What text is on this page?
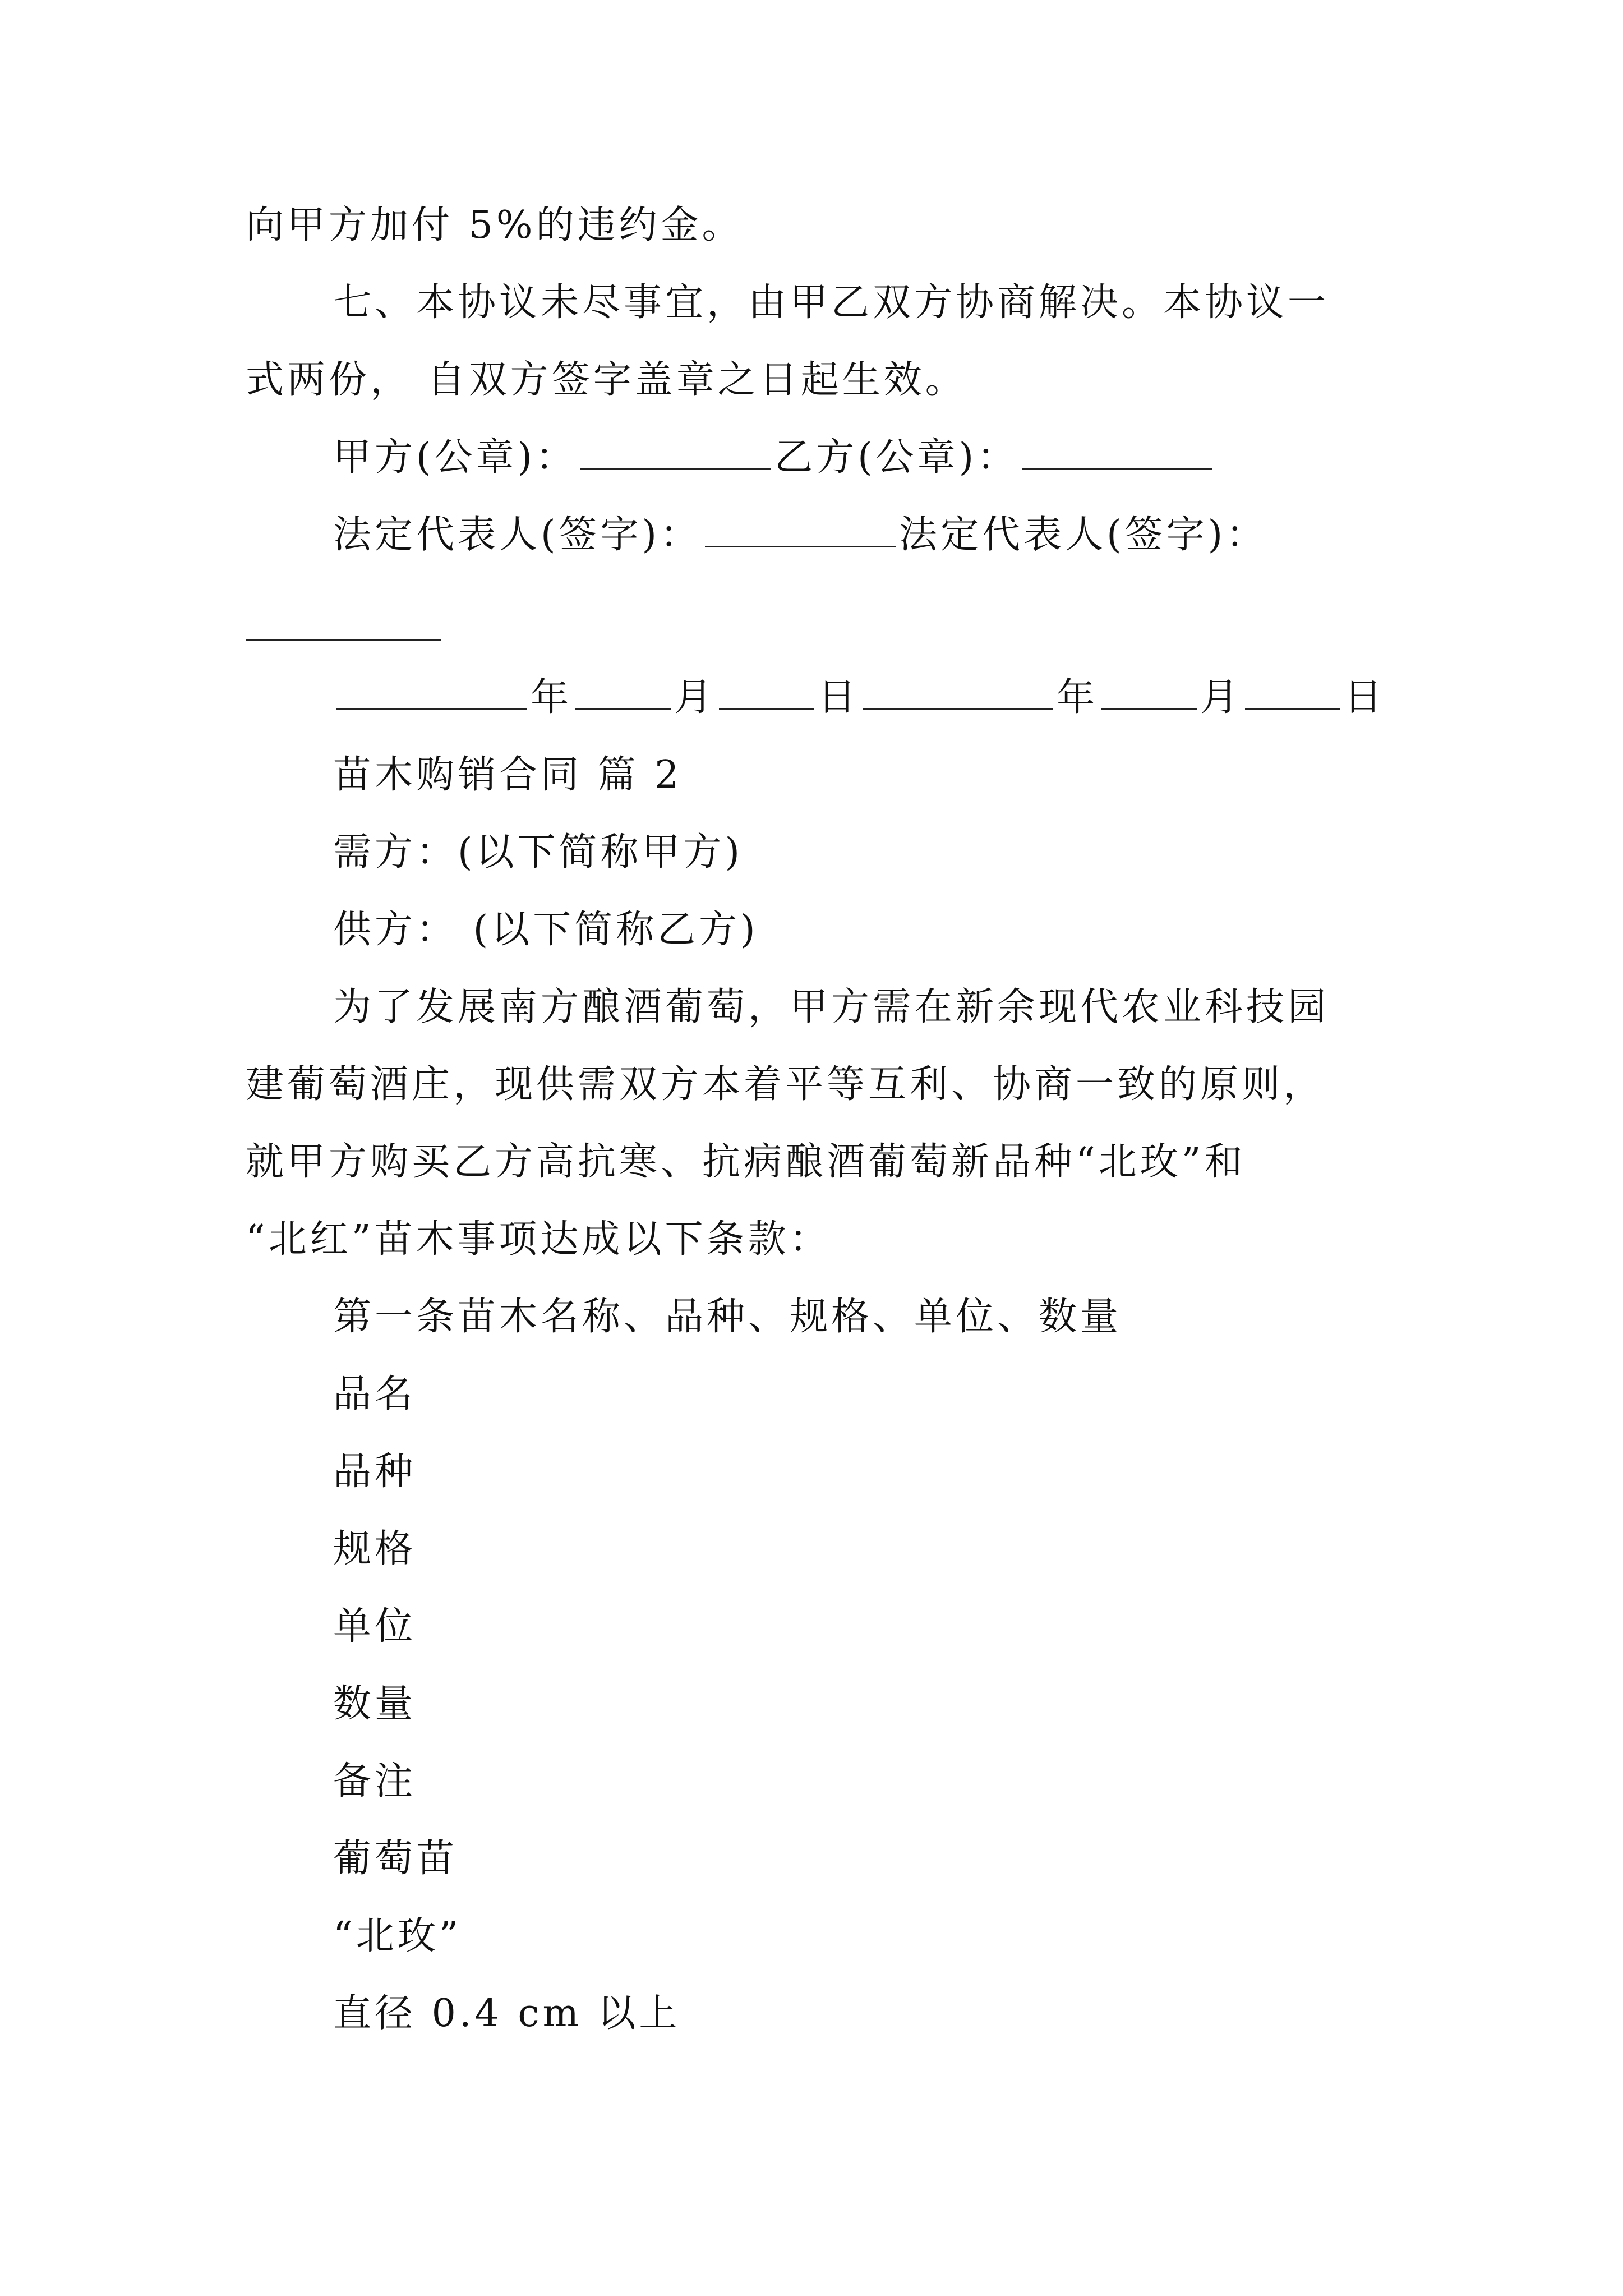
向甲方加付 5%的违约金。
七、本协议未尽事宜，由甲乙双方协商解决。本协议一
式两份， 自双方签字盖章之日起生效。
甲方(公章)：	乙方(公章)：
法定代表人(签字)：	法定代表人(签字)：
年	月	日	年	月	日
苗木购销合同 篇 2
需方：(以下简称甲方)
供方： (以下简称乙方)
为了发展南方酿酒葡萄，甲方需在新余现代农业科技园
建葡萄酒庄，现供需双方本着平等互利、协商一致的原则，
就甲方购买乙方高抗寒、抗病酿酒葡萄新品种“北玫”和
“北红”苗木事项达成以下条款：
第一条苗木名称、品种、规格、单位、数量
品名
品种
规格
单位
数量
备注
葡萄苗
“北玫”
直径 0.4 cm 以上
